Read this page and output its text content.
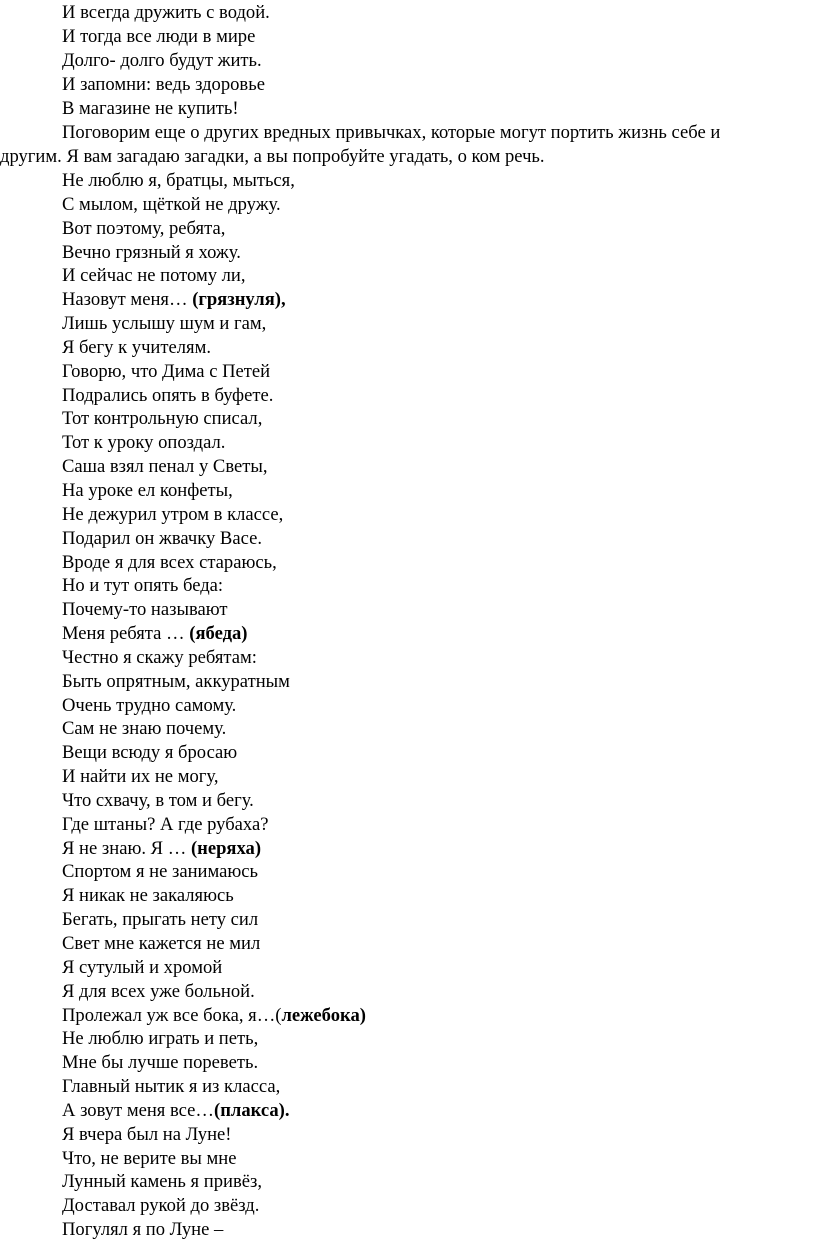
И всегда дружить с водой.
И тогда все люди в мире
Долго- долго будут жить.
И запомни: ведь здоровье
В магазине не купить!

Поговорим еще о других вредных привычках, которые могут портить жизнь себе и
другим. Я вам загадаю загадки, а вы попробуйте угадать, о ком речь.

Не люблю я, братцы, мыться,
С мылом, щёткой не дружу.
Вот поэтому, ребята,
Вечно грязный я хожу.
И сейчас не потому ли,
Назовут меня… (грязнуля),
Лишь услышу шум и гам,
Я бегу к учителям.
Говорю, что Дима с Петей
Подрались опять в буфете.
Тот контрольную списал,
Тот к уроку опоздал.
Саша взял пенал у Светы,
На уроке ел конфеты,
Не дежурил утром в классе,
Подарил он жвачку Васе.
Вроде я для всех стараюсь,
Но и тут опять беда:
Почему-то называют
Меня ребята … (ябеда)
Честно я скажу ребятам:
Быть опрятным, аккуратным
Очень трудно самому.
Сам не знаю почему.
Вещи всюду я бросаю
И найти их не могу,
Что схвачу, в том и бегу.
Где штаны? А где рубаха?
Я не знаю. Я … (неряха)
Спортом я не занимаюсь
Я никак не закаляюсь
Бегать, прыгать нету сил
Свет мне кажется не мил
Я сутулый и хромой
Я для всех уже больной.
Пролежал уж все бока, я…(лежебока)
Не люблю играть и петь,
Мне бы лучше пореветь.
Главный нытик я из класса,
А зовут меня все…(плакса).
Я вчера был на Луне!
Что, не верите вы мне
Лунный камень я привёз,
Доставал рукой до звёзд.
Погулял я по Луне –
